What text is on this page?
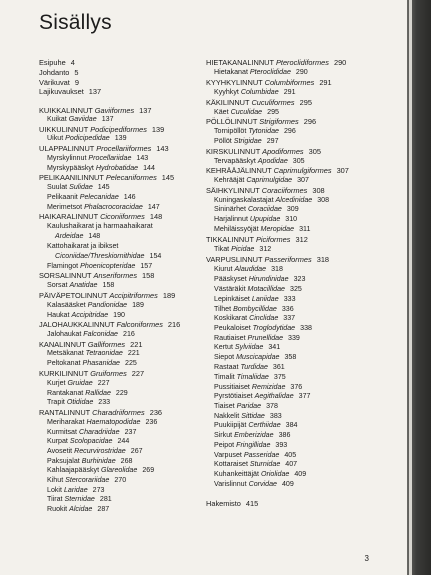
Sisällys
Esipuhe 4
Johdanto 5
Värikuvat 9
Lajikuvaukset 137
KUIKKALINNUT Gaviiformes 137
Kuikat Gaviidae 137
UIKKULINNUT Podicipediformes 139
Uikut Podicipedidae 139
ULAPPALINNUT Procellariiformes 143
Myrskylinnut Procellariidae 143
Myrskypääskyt Hydrobatidae 144
PELIKAANILINNUT Pelecaniformes 145
Suulat Sulidae 145
Pelikaanit Pelecanidae 146
Merimetsot Phalacrocoracidae 147
HAIKARALINNUT Ciconiiformes 148
Kaulushaikarat ja harmaahaikarat
Ardeidae 148
Kattohaikarat ja ibikset
Ciconiidae/Threskiornithidae 154
Flamingot Phoenicopteridae 157
SORSALINNUT Anseriformes 158
Sorsat Anatidae 158
PÄIVÄPETOLINNUT Accipitriformes 189
Kalasääsket Pandionidae 189
Haukat Accipitridae 190
JALOHAUKKALINNUT Falconiformes 216
Jalohaukat Falconidae 216
KANALINNUT Galliformes 221
Metsäkanat Tetraonidae 221
Peltokanat Phasanidae 225
KURKILINNUT Gruiformes 227
Kurjet Gruidae 227
Rantakanat Rallidae 229
Trapit Otididae 233
RANTALINNUT Charadriiformes 236
Meriharakat Haematopodidae 236
Kurmitsat Charadriidae 237
Kurpat Scolopacidae 244
Avosetit Recurvirostridae 267
Paksujalat Burhinidae 268
Kahlaajapääskyt Glareolidae 269
Kihut Stercorariidae 270
Lokit Laridae 273
Tiirat Sternidae 281
Ruokit Alcidae 287
HIETAKANALINNUT Pteroclidiformes 290
Hietakanat Pteroclididae 290
KYYHKYLINNUT Columbiformes 291
Kyyhkyt Columbidae 291
KÄKILINNUT Cuculiformes 295
Käet Cuculidae 295
PÖLLÖLINNUT Strigiformes 296
Tornipöllöt Tytonidae 296
Pöllöt Strigidae 297
KIRSKULINNUT Apodiformes 305
Tervapääskyt Apodidae 305
KEHRÄÄJÄLINNUT Caprimulgiformes 307
Kehrääjät Caprimulgidae 307
SÄIHKYLINNUT Coraciiformes 308
Kuningaskalastajat Alcedinidae 308
Sininärhet Coraciidae 309
Harjalinnut Upupidae 310
Mehiläissyöjät Meropidae 311
TIKKALINNUT Piciformes 312
Tikat Picidae 312
VARPUSLINNUT Passeriformes 318
Kiurut Alaudidae 318
Pääskyset Hirundinidae 323
Västäräkit Motacillidae 325
Lepinkäiset Laniidae 333
Tilhet Bombycillidae 336
Koskikarat Cinclidae 337
Peukaloiset Troglodytidae 338
Rautiaiset Prunellidae 339
Kertut Sylviidae 341
Siepot Muscicapidae 358
Rastaat Turdidae 361
Timalit Timaliidae 375
Pussitiaiset Remizidae 376
Pyrstötiaiset Aegithalidae 377
Tiaiset Paridae 378
Nakkelit Sittidae 383
Puukiipijät Certhiidae 384
Sirkut Emberizidae 386
Peipot Fringillidae 393
Varpuset Passeridae 405
Kottaraiset Sturnidae 407
Kuhankeittäjät Oriolidae 409
Varislinnut Corvidae 409
Hakemisto 415
3
